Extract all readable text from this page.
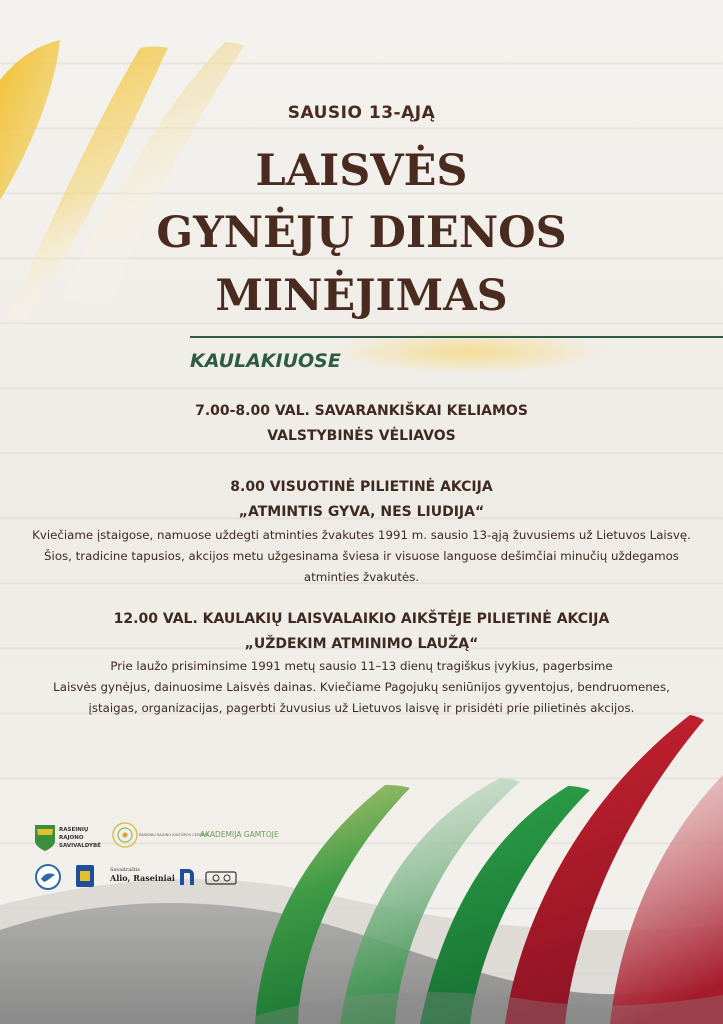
SAUSIO 13-ĄJĄ
LAISVĖS
GYNĖJŲ DIENOS
MINĖJIMAS
KAULAKIUOSE
7.00-8.00 VAL. SAVARANKIŠKAI KELIAMOS
VALSTYBINĖS VĖLIAVOS
8.00 VISUOTINĖ PILIETINĖ AKCIJA
„ATMINTIS GYVA, NES LIUDIJA“
Kviečiame įstaigose, namuose uždegti atminties žvakutes 1991 m. sausio 13-ąją žuvusiems už Lietuvos Laisvę.
Šios, tradicine tapusios, akcijos metu užgesinama šviesa ir visuose languose dešimčiai minučių uždegamos
atminties žvakutės.
12.00 VAL. KAULAKIŲ LAISVALAIKIO AIKŠTĖJE PILIETINĖ AKCIJA
„UŽDEKIM ATMINIMO LAUŽĄ“
Prie laužo prisiminsime 1991 metų sausio 11–13 dienų tragiškus įvykius, pagerbsime
Laisvės gynėjus, dainuosime Laisvės dainas. Kviečiame Pagojukų seniūnijos gyventojus, bendruomenes,
įstaigas, organizacijas, pagerbti žuvusius už Lietuvos laisvę ir prisidėti prie pilietinės akcijos.
RASEINIŲ
RAJONO
SAVIVALDYBĖ
RASEINIŲ RAJONO KULTŪROS CENTRAS
AKADEMIJA GAMTOJE
Savaitraštis
Alio, Raseiniai
